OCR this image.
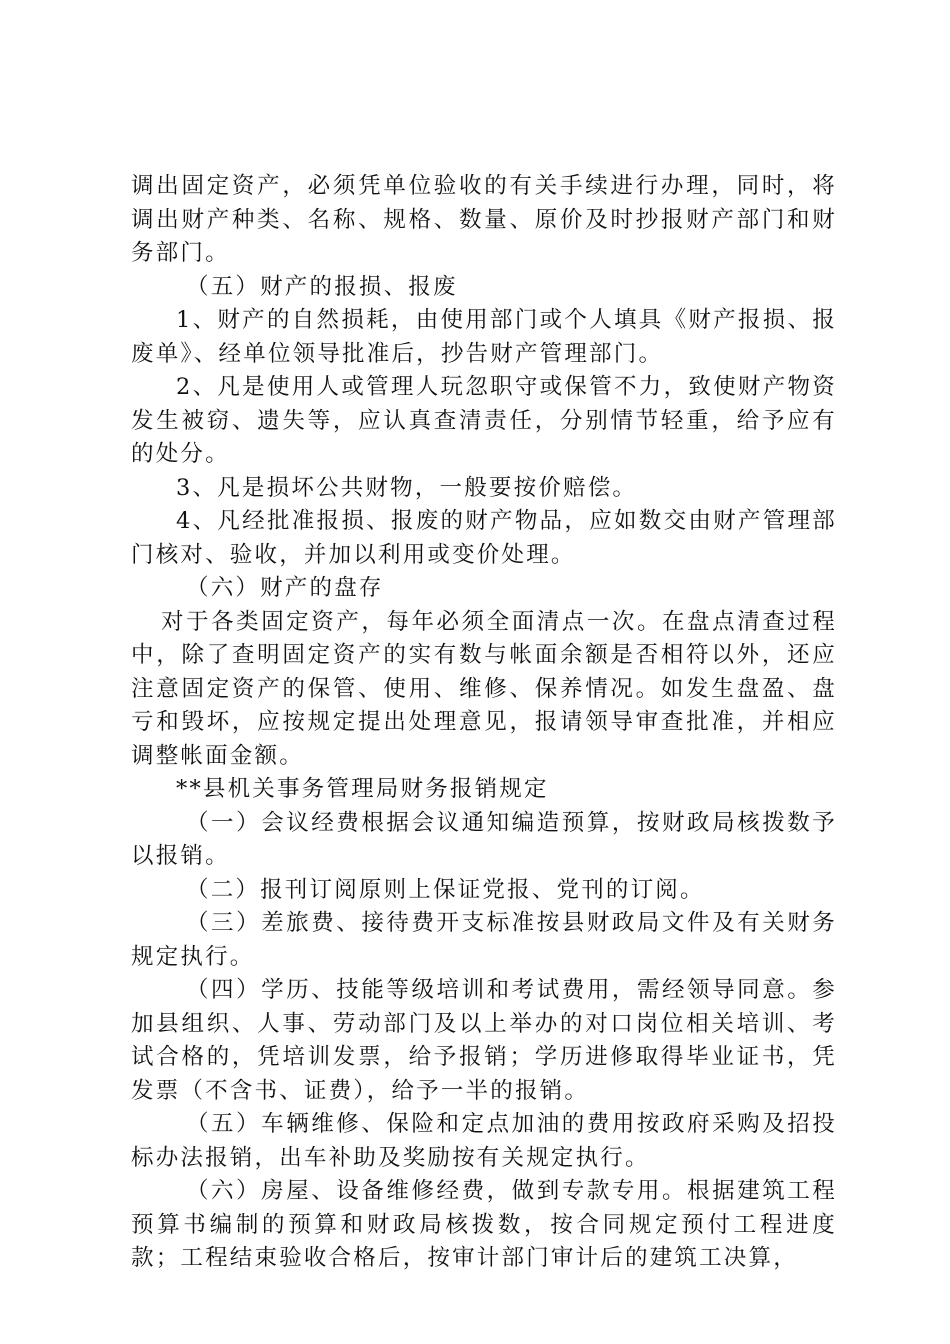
调出固定资产，必须凭单位验收的有关手续进行办理，同时，将调出财产种类、名称、规格、数量、原价及时抄报财产部门和财务部门。

（五）财产的报损、报废

1、财产的自然损耗，由使用部门或个人填具《财产报损、报废单》、经单位领导批准后，抄告财产管理部门。

2、凡是使用人或管理人玩忽职守或保管不力，致使财产物资发生被窃、遗失等，应认真查清责任，分别情节轻重，给予应有的处分。

3、凡是损坏公共财物，一般要按价赔偿。

4、凡经批准报损、报废的财产物品，应如数交由财产管理部门核对、验收，并加以利用或变价处理。

（六）财产的盘存

对于各类固定资产，每年必须全面清点一次。在盘点清查过程中，除了查明固定资产的实有数与帐面余额是否相符以外，还应注意固定资产的保管、使用、维修、保养情况。如发生盘盈、盘亏和毁坏，应按规定提出处理意见，报请领导审查批准，并相应调整帐面金额。

**县机关事务管理局财务报销规定

（一）会议经费根据会议通知编造预算，按财政局核拨数予以报销。

（二）报刊订阅原则上保证党报、党刊的订阅。

（三）差旅费、接待费开支标准按县财政局文件及有关财务规定执行。

（四）学历、技能等级培训和考试费用，需经领导同意。参加县组织、人事、劳动部门及以上举办的对口岗位相关培训、考试合格的，凭培训发票，给予报销；学历进修取得毕业证书，凭发票（不含书、证费），给予一半的报销。

（五）车辆维修、保险和定点加油的费用按政府采购及招投标办法报销，出车补助及奖励按有关规定执行。

（六）房屋、设备维修经费，做到专款专用。根据建筑工程预算书编制的预算和财政局核拨数，按合同规定预付工程进度款；工程结束验收合格后，按审计部门审计后的建筑工决算，
